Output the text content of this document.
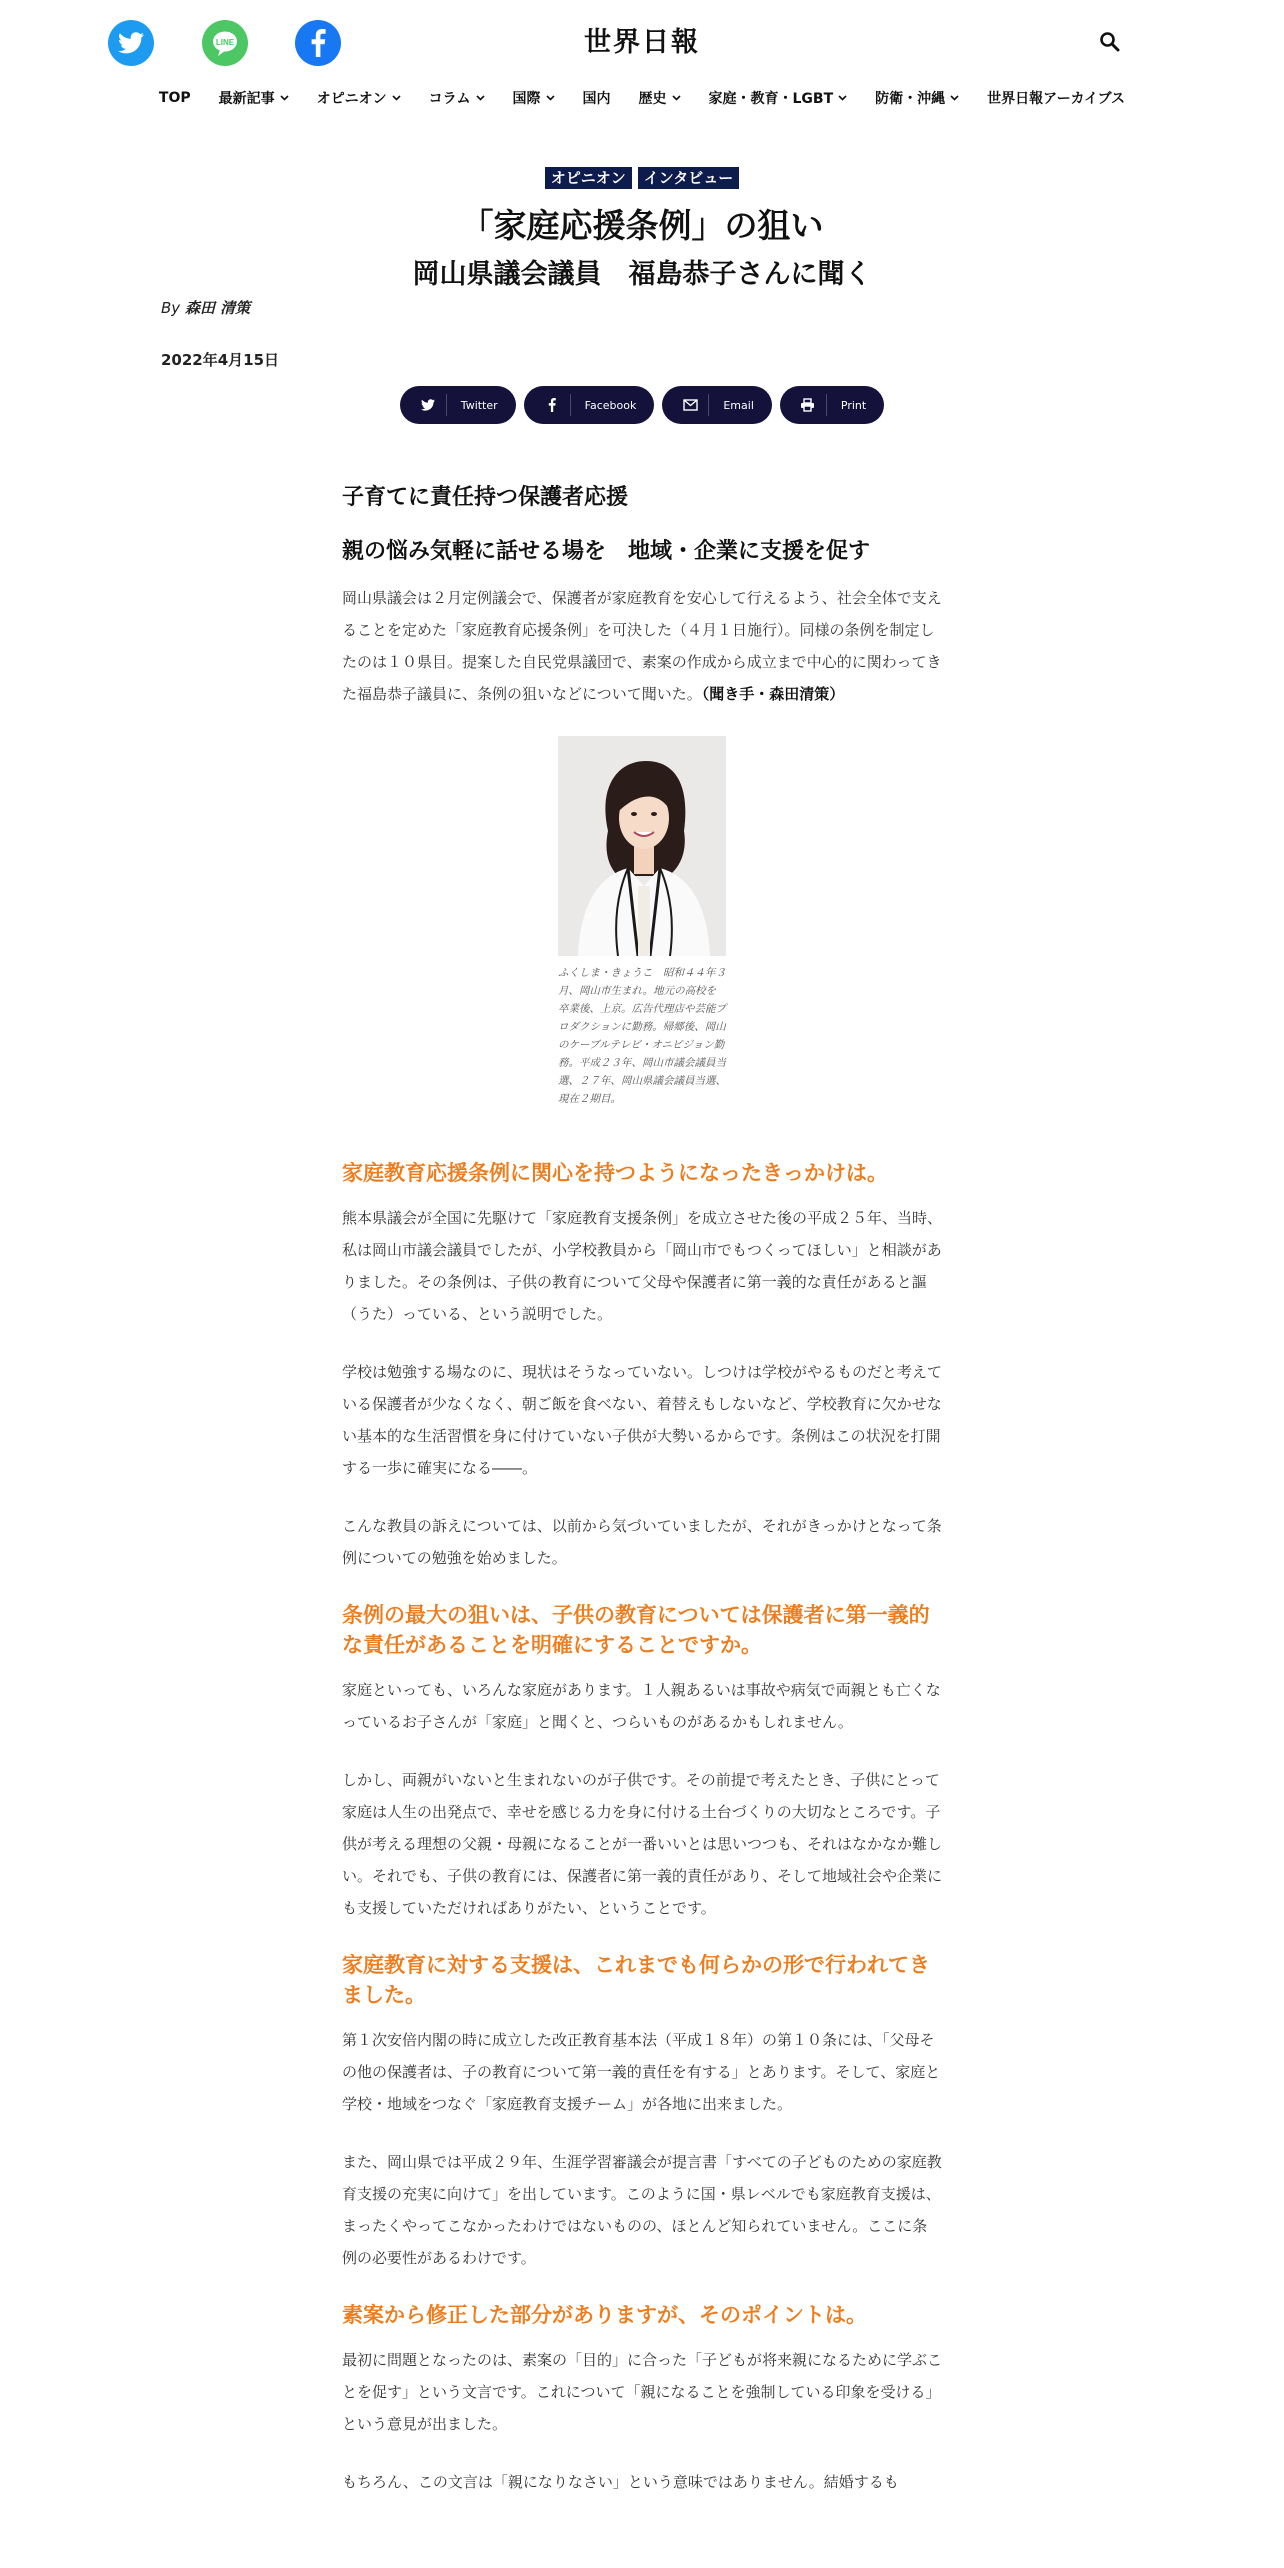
LINE	世界日報
TOP 最新記事	オピニオン	コラム	国際	国内 歴史	家庭・教育・LGBT	防衛・沖縄	世界日報アーカイブス
オピニオン	インタビュー
「家庭応援条例」の狙い
岡山県議会議員　福島恭子さんに聞く
By 森田 清策
2022年4月15日
Twitter	Facebook	Email	Print
子育てに責任持つ保護者応援
親の悩み気軽に話せる場を　地域・企業に支援を促す

岡山県議会は２月定例議会で、保護者が家庭教育を安心して行えるよう、社会全体で支えることを定めた「家庭教育応援条例」を可決した（４月１日施行）。同様の条例を制定したのは１０県目。提案した自民党県議団で、素案の作成から成立まで中心的に関わってきた福島恭子議員に、条例の狙いなどについて聞いた。（聞き手・森田清策）

ふくしま・きょうこ　昭和４４年３月、岡山市生まれ。地元の高校を卒業後、上京。広告代理店や芸能プロダクションに勤務。帰郷後、岡山のケーブルテレビ・オニビジョン勤務。平成２３年、岡山市議会議員当選、２７年、岡山県議会議員当選、現在２期目。
家庭教育応援条例に関心を持つようになったきっかけは。

熊本県議会が全国に先駆けて「家庭教育支援条例」を成立させた後の平成２５年、当時、私は岡山市議会議員でしたが、小学校教員から「岡山市でもつくってほしい」と相談がありました。その条例は、子供の教育について父母や保護者に第一義的な責任があると謳（うた）っている、という説明でした。

学校は勉強する場なのに、現状はそうなっていない。しつけは学校がやるものだと考えている保護者が少なくなく、朝ご飯を食べない、着替えもしないなど、学校教育に欠かせない基本的な生活習慣を身に付けていない子供が大勢いるからです。条例はこの状況を打開する一歩に確実になる――。

こんな教員の訴えについては、以前から気づいていましたが、それがきっかけとなって条例についての勉強を始めました。

条例の最大の狙いは、子供の教育については保護者に第一義的な責任があることを明確にすることですか。

家庭といっても、いろんな家庭があります。１人親あるいは事故や病気で両親とも亡くなっているお子さんが「家庭」と聞くと、つらいものがあるかもしれません。

しかし、両親がいないと生まれないのが子供です。その前提で考えたとき、子供にとって家庭は人生の出発点で、幸せを感じる力を身に付ける土台づくりの大切なところです。子供が考える理想の父親・母親になることが一番いいとは思いつつも、それはなかなか難しい。それでも、子供の教育には、保護者に第一義的責任があり、そして地域社会や企業にも支援していただければありがたい、ということです。

家庭教育に対する支援は、これまでも何らかの形で行われてきました。

第１次安倍内閣の時に成立した改正教育基本法（平成１８年）の第１０条には、「父母その他の保護者は、子の教育について第一義的責任を有する」とあります。そして、家庭と学校・地域をつなぐ「家庭教育支援チーム」が各地に出来ました。

また、岡山県では平成２９年、生涯学習審議会が提言書「すべての子どものための家庭教育支援の充実に向けて」を出しています。このように国・県レベルでも家庭教育支援は、まったくやってこなかったわけではないものの、ほとんど知られていません。ここに条例の必要性があるわけです。

素案から修正した部分がありますが、そのポイントは。

最初に問題となったのは、素案の「目的」に合った「子どもが将来親になるために学ぶことを促す」という文言です。これについて「親になることを強制している印象を受ける」という意見が出ました。

もちろん、この文言は「親になりなさい」という意味ではありません。結婚するも
